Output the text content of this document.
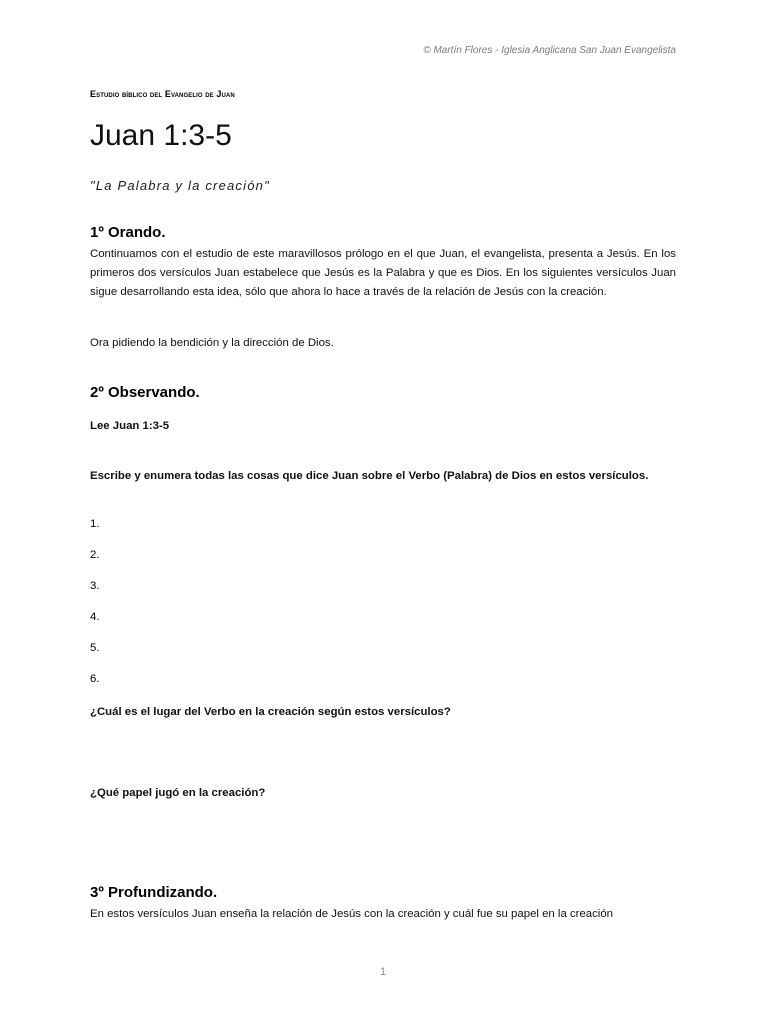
© Martín Flores - Iglesia Anglicana San Juan Evangelista
Estudio bíblico del Evangelio de Juan
Juan 1:3-5
"La Palabra y la creación"
1º Orando.
Continuamos con el estudio de este maravillosos prólogo en el que Juan, el evangelista, presenta a Jesús. En los primeros dos versículos Juan estabelece que Jesús es la Palabra y que es Dios. En los siguientes versículos Juan sigue desarrollando esta idea, sólo que ahora lo hace a través de la relación de Jesús con la creación.
Ora pidiendo la bendición y la dirección de Dios.
2º Observando.
Lee Juan 1:3-5
Escribe y enumera todas las cosas que dice Juan sobre el Verbo (Palabra) de Dios en estos versículos.
1.
2.
3.
4.
5.
6.
¿Cuál es el lugar del Verbo en la creación según estos versículos?
¿Qué papel jugó en la creación?
3º Profundizando.
En estos versículos Juan enseña la relación de Jesús con la creación y cuál fue su papel en la creación
1
